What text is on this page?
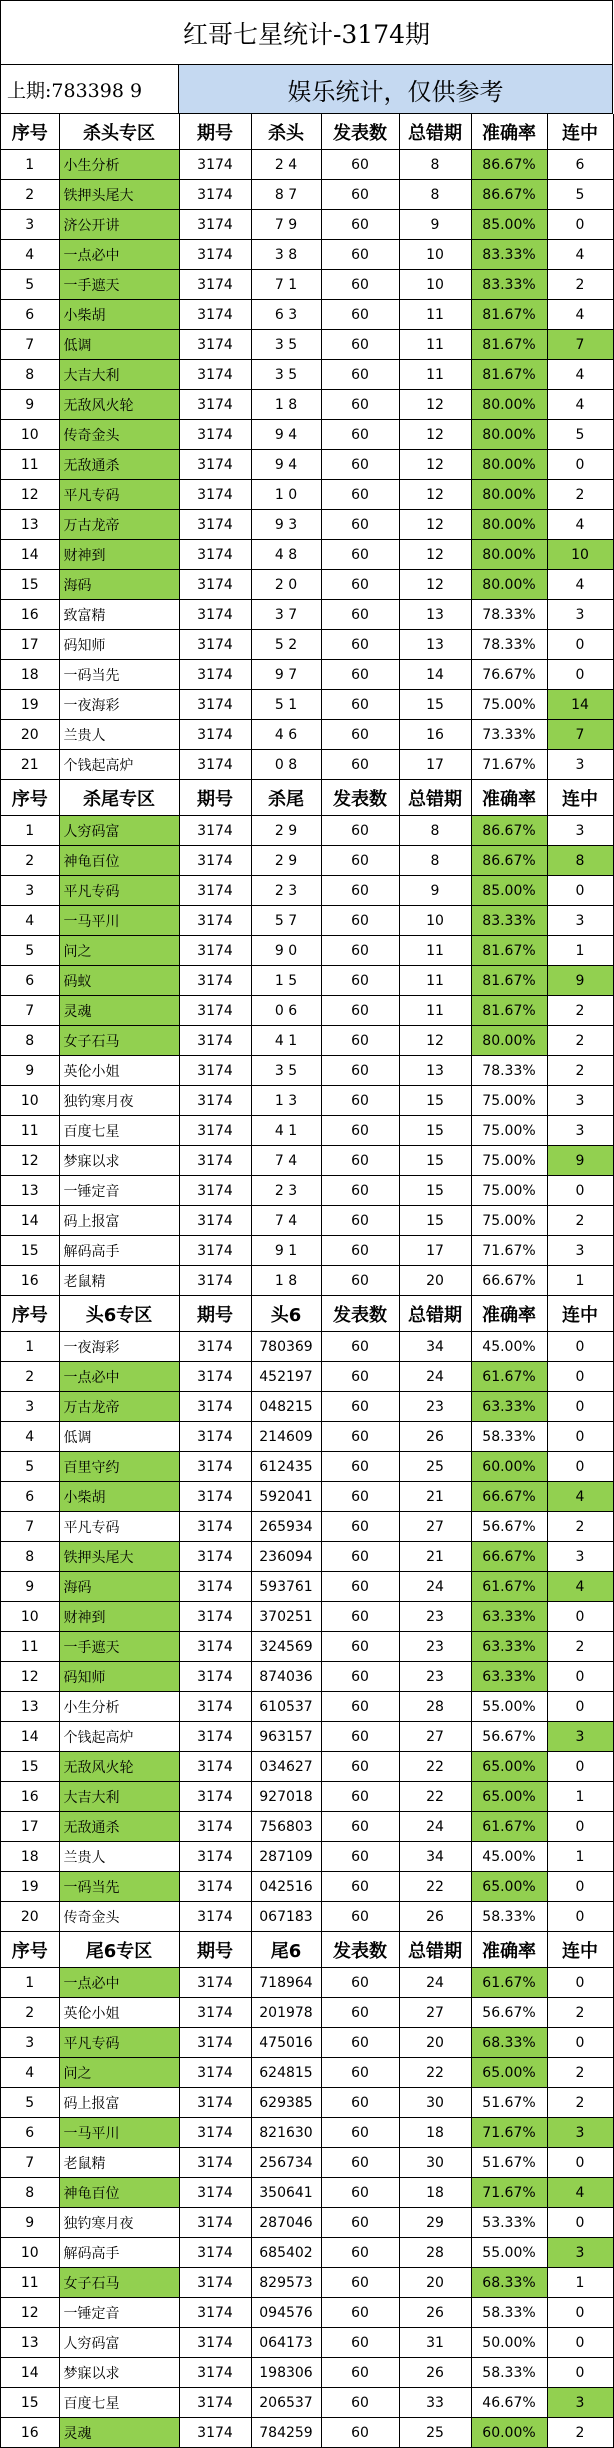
红哥七星统计-3174期
上期:783398 9	娱乐统计，仅供参考
序号	杀头专区	期号	杀头	发表数	总错期	准确率	连中
1	小生分析	3174	2 4	60	8	86.67%	6
2	铁押头尾大	3174	8 7	60	8	86.67%	5
3	济公开讲	3174	7 9	60	9	85.00%	0
4	一点必中	3174	3 8	60	10	83.33%	4
5	一手遮天	3174	7 1	60	10	83.33%	2
6	小柴胡	3174	6 3	60	11	81.67%	4
7	低调	3174	3 5	60	11	81.67%	7
8	大吉大利	3174	3 5	60	11	81.67%	4
9	无敌风火轮	3174	1 8	60	12	80.00%	4
10	传奇金头	3174	9 4	60	12	80.00%	5
11	无敌通杀	3174	9 4	60	12	80.00%	0
12	平凡专码	3174	1 0	60	12	80.00%	2
13	万古龙帝	3174	9 3	60	12	80.00%	4
14	财神到	3174	4 8	60	12	80.00%	10
15	海码	3174	2 0	60	12	80.00%	4
16	致富精	3174	3 7	60	13	78.33%	3
17	码知师	3174	5 2	60	13	78.33%	0
18	一码当先	3174	9 7	60	14	76.67%	0
19	一夜海彩	3174	5 1	60	15	75.00%	14
20	兰贵人	3174	4 6	60	16	73.33%	7
21	个钱起高炉	3174	0 8	60	17	71.67%	3
序号	杀尾专区	期号	杀尾	发表数	总错期	准确率	连中
1	人穷码富	3174	2 9	60	8	86.67%	3
2	神龟百位	3174	2 9	60	8	86.67%	8
3	平凡专码	3174	2 3	60	9	85.00%	0
4	一马平川	3174	5 7	60	10	83.33%	3
5	问之	3174	9 0	60	11	81.67%	1
6	码蚁	3174	1 5	60	11	81.67%	9
7	灵魂	3174	0 6	60	11	81.67%	2
8	女子石马	3174	4 1	60	12	80.00%	2
9	英伦小姐	3174	3 5	60	13	78.33%	2
10	独钓寒月夜	3174	1 3	60	15	75.00%	3
11	百度七星	3174	4 1	60	15	75.00%	3
12	梦寐以求	3174	7 4	60	15	75.00%	9
13	一锤定音	3174	2 3	60	15	75.00%	0
14	码上报富	3174	7 4	60	15	75.00%	2
15	解码高手	3174	9 1	60	17	71.67%	3
16	老鼠精	3174	1 8	60	20	66.67%	1
序号	头6专区	期号	头6	发表数	总错期	准确率	连中
1	一夜海彩	3174	780369	60	34	45.00%	0
2	一点必中	3174	452197	60	24	61.67%	0
3	万古龙帝	3174	048215	60	23	63.33%	0
4	低调	3174	214609	60	26	58.33%	0
5	百里守约	3174	612435	60	25	60.00%	0
6	小柴胡	3174	592041	60	21	66.67%	4
7	平凡专码	3174	265934	60	27	56.67%	2
8	铁押头尾大	3174	236094	60	21	66.67%	3
9	海码	3174	593761	60	24	61.67%	4
10	财神到	3174	370251	60	23	63.33%	0
11	一手遮天	3174	324569	60	23	63.33%	2
12	码知师	3174	874036	60	23	63.33%	0
13	小生分析	3174	610537	60	28	55.00%	0
14	个钱起高炉	3174	963157	60	27	56.67%	3
15	无敌风火轮	3174	034627	60	22	65.00%	0
16	大吉大利	3174	927018	60	22	65.00%	1
17	无敌通杀	3174	756803	60	24	61.67%	0
18	兰贵人	3174	287109	60	34	45.00%	1
19	一码当先	3174	042516	60	22	65.00%	0
20	传奇金头	3174	067183	60	26	58.33%	0
序号	尾6专区	期号	尾6	发表数	总错期	准确率	连中
1	一点必中	3174	718964	60	24	61.67%	0
2	英伦小姐	3174	201978	60	27	56.67%	2
3	平凡专码	3174	475016	60	20	68.33%	0
4	问之	3174	624815	60	22	65.00%	2
5	码上报富	3174	629385	60	30	51.67%	2
6	一马平川	3174	821630	60	18	71.67%	3
7	老鼠精	3174	256734	60	30	51.67%	0
8	神龟百位	3174	350641	60	18	71.67%	4
9	独钓寒月夜	3174	287046	60	29	53.33%	0
10	解码高手	3174	685402	60	28	55.00%	3
11	女子石马	3174	829573	60	20	68.33%	1
12	一锤定音	3174	094576	60	26	58.33%	0
13	人穷码富	3174	064173	60	31	50.00%	0
14	梦寐以求	3174	198306	60	26	58.33%	0
15	百度七星	3174	206537	60	33	46.67%	3
16	灵魂	3174	784259	60	25	60.00%	2
